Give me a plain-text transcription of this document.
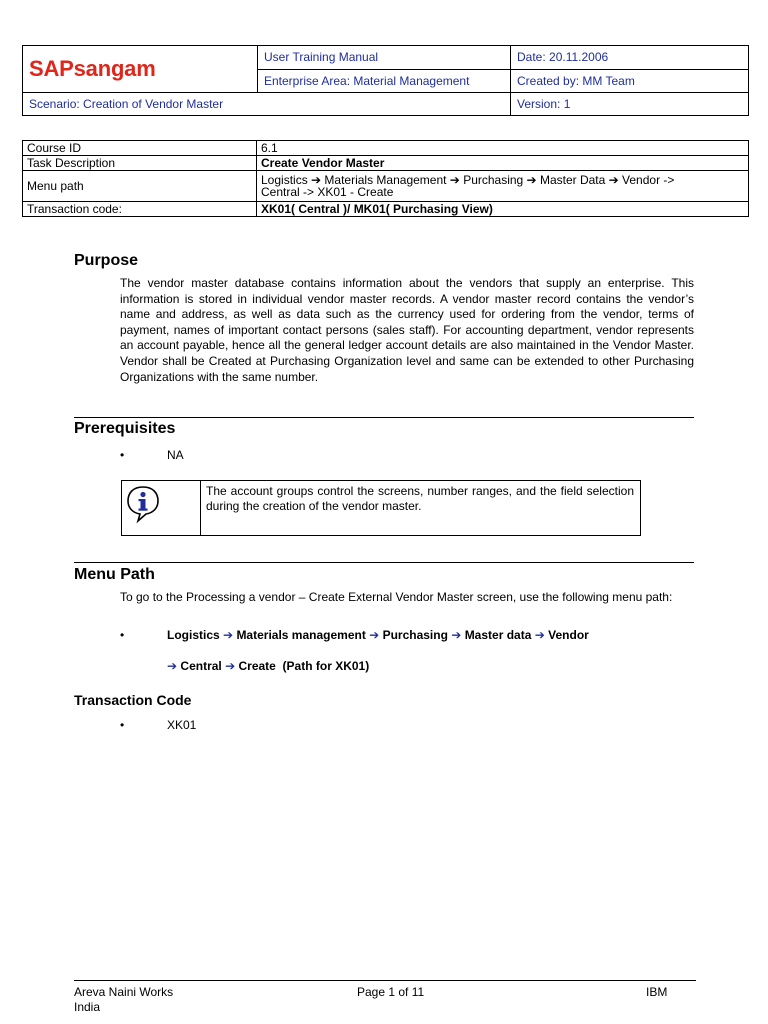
SAPsangam	User Training Manual	Date: 20.11.2006
	Enterprise Area: Material Management	Created by: MM Team
Scenario: Creation of Vendor Master		Version: 1
Course ID	6.1
Task Description	Create Vendor Master
Menu path	Logistics ➔ Materials Management ➔ Purchasing ➔ Master Data ➔ Vendor ->
Central -> XK01 - Create

Transaction code:	XK01( Central )/ MK01( Purchasing View)
Purpose
The vendor master database contains information about the vendors that supply an enterprise. This information is stored in individual vendor master records. A vendor master record contains the vendor’s name and address, as well as data such as the currency used for ordering from the vendor, terms of payment, names of important contact persons (sales staff). For accounting department, vendor represents an account payable, hence all the general ledger account details are also maintained in the Vendor Master. Vendor shall be Created at Purchasing Organization level and same can be extended to other Purchasing Organizations with the same number.
Prerequisites
•	NA
The account groups control the screens, number ranges, and the field selection during the creation of the vendor master.
Menu Path
To go to the Processing a vendor – Create External Vendor Master screen, use the following menu path:
•	Logistics ➔ Materials management ➔ Purchasing ➔ Master data ➔ Vendor
➔ Central ➔ Create (Path for XK01)
Transaction Code
•	XK01
Areva Naini Works
India
Page 1 of 11	IBM
